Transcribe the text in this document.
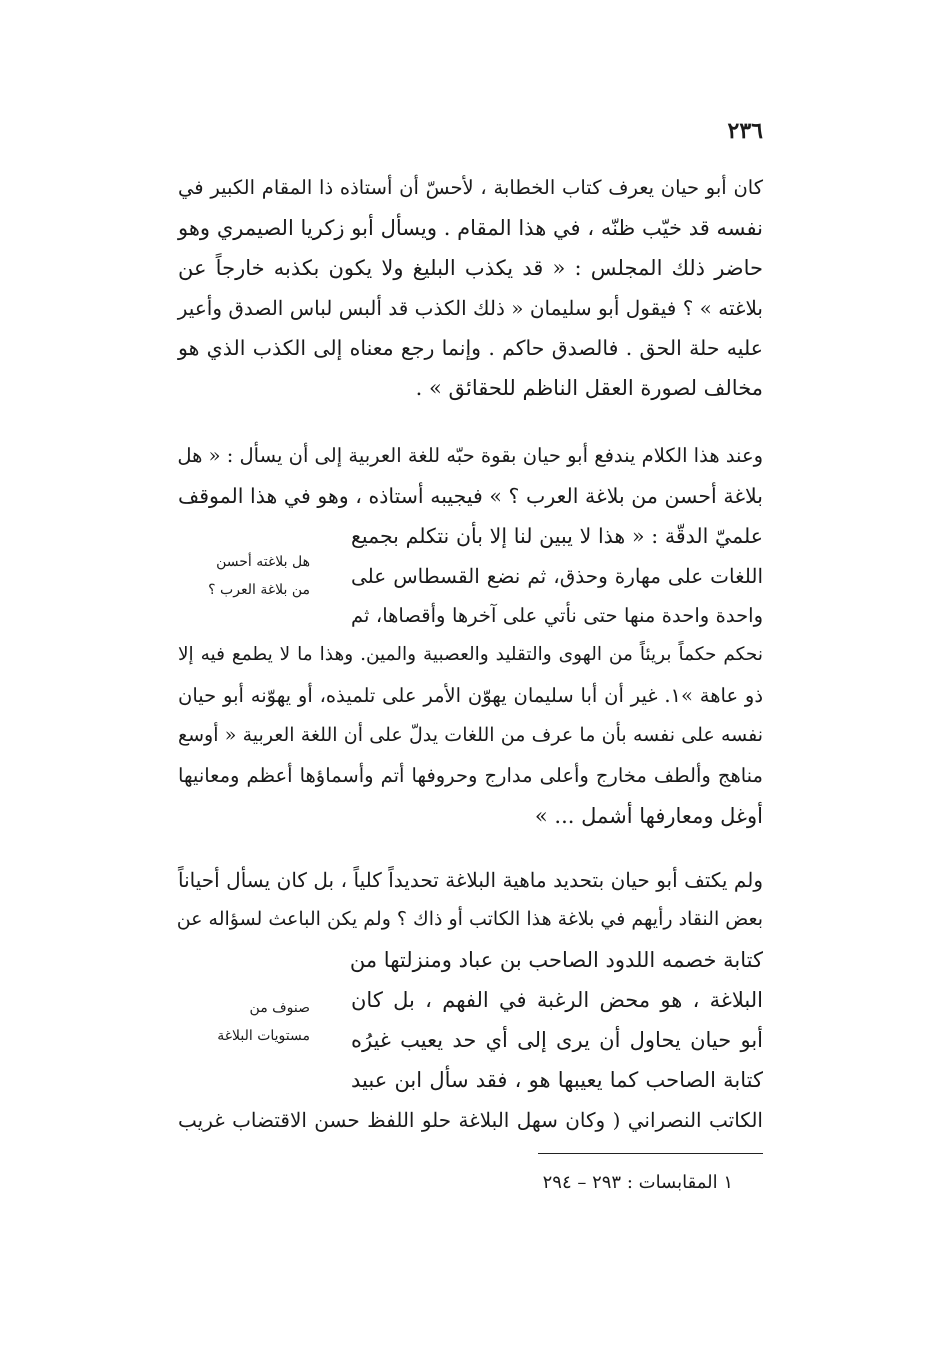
٢٣٦
كان أبو حيان يعرف كتاب الخطابة ، لأحسّ أن أستاذه ذا المقام الكبير في
نفسه قد خيّب ظنّه ، في هذا المقام . ويسأل أبو زكريا الصيمري وهو
حاضر ذلك المجلس : « قد يكذب البليغ ولا يكون بكذبه خارجاً عن
بلاغته » ؟ فيقول أبو سليمان « ذلك الكذب قد ألبس لباس الصدق وأعير
عليه حلة الحق . فالصدق حاكم . وإنما رجع معناه إلى الكذب الذي هو
مخالف لصورة العقل الناظم للحقائق » .
وعند هذا الكلام يندفع أبو حيان بقوة حبّه للغة العربية إلى أن يسأل : « هل
بلاغة أحسن من بلاغة العرب ؟ » فيجيبه أستاذه ، وهو في هذا الموقف
علميّ الدقّة : « هذا لا يبين لنا إلا بأن نتكلم بجميع
اللغات على مهارة وحذق، ثم نضع القسطاس على
واحدة واحدة منها حتى نأتي على آخرها وأقصاها، ثم
نحكم حكماً بريئاً من الهوى والتقليد والعصبية والمين. وهذا ما لا يطمع فيه إلا
ذو عاهة »١. غير أن أبا سليمان يهوّن الأمر على تلميذه، أو يهوّنه أبو حيان
نفسه على نفسه بأن ما عرف من اللغات يدلّ على أن اللغة العربية « أوسع
مناهج وألطف مخارج وأعلى مدارج وحروفها أتم وأسماؤها أعظم ومعانيها
أوغل ومعارفها أشمل ... »
ولم يكتف أبو حيان بتحديد ماهية البلاغة تحديداً كلياً ، بل كان يسأل أحياناً
بعض النقاد رأيهم في بلاغة هذا الكاتب أو ذاك ؟ ولم يكن الباعث لسؤاله عن
كتابة خصمه اللدود الصاحب بن عباد ومنزلتها من
البلاغة ، هو محض الرغبة في الفهم ، بل كان
أبو حيان يحاول أن يرى إلى أي حد يعيب غيرُه
كتابة الصاحب كما يعيبها هو ، فقد سأل ابن عبيد
الكاتب النصراني ( وكان سهل البلاغة حلو اللفظ حسن الاقتضاب غريب
هل بلاغته أحسن
من بلاغة العرب ؟
صنوف من
مستويات البلاغة
١ المقابسات : ٢٩٣ – ٢٩٤
